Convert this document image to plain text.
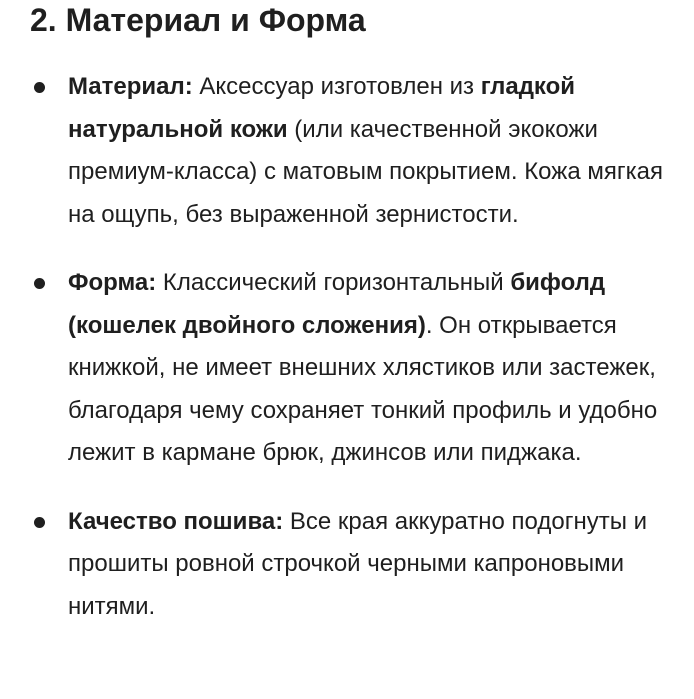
2. Материал и Форма
Материал: Аксессуар изготовлен из гладкой натуральной кожи (или качественной экокожи премиум-класса) с матовым покрытием. Кожа мягкая на ощупь, без выраженной зернистости.
Форма: Классический горизонтальный бифолд (кошелек двойного сложения). Он открывается книжкой, не имеет внешних хлястиков или застежек, благодаря чему сохраняет тонкий профиль и удобно лежит в кармане брюк, джинсов или пиджака.
Качество пошива: Все края аккуратно подогнуты и прошиты ровной строчкой черными капроновыми нитями.
